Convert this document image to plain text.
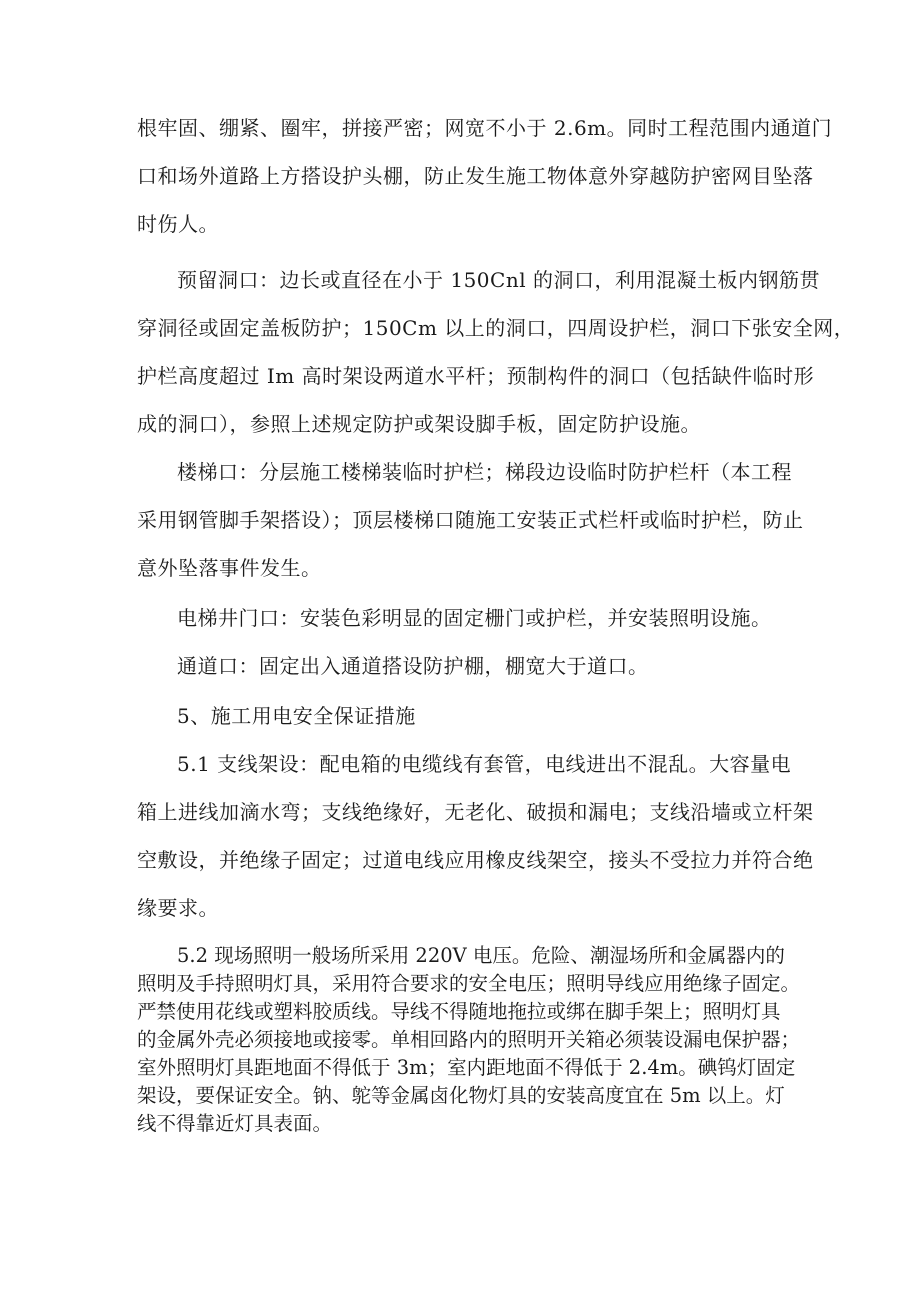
根牢固、绷紧、圈牢，拼接严密；网宽不小于 2.6m。同时工程范围内通道门
口和场外道路上方搭设护头棚，防止发生施工物体意外穿越防护密网目坠落
时伤人。
预留洞口：边长或直径在小于 150Cnl 的洞口，利用混凝土板内钢筋贯
穿洞径或固定盖板防护；150Cm 以上的洞口，四周设护栏，洞口下张安全网，
护栏高度超过 Im 高时架设两道水平杆；预制构件的洞口（包括缺件临时形
成的洞口），参照上述规定防护或架设脚手板，固定防护设施。
楼梯口：分层施工楼梯装临时护栏；梯段边设临时防护栏杆（本工程
采用钢管脚手架搭设）；顶层楼梯口随施工安装正式栏杆或临时护栏，防止
意外坠落事件发生。
电梯井门口：安装色彩明显的固定栅门或护栏，并安装照明设施。
通道口：固定出入通道搭设防护棚，棚宽大于道口。
5、施工用电安全保证措施
5.1 支线架设：配电箱的电缆线有套管，电线进出不混乱。大容量电
箱上进线加滴水弯；支线绝缘好，无老化、破损和漏电；支线沿墙或立杆架
空敷设，并绝缘子固定；过道电线应用橡皮线架空，接头不受拉力并符合绝
缘要求。
5.2 现场照明一般场所采用 220V 电压。危险、潮湿场所和金属器内的
照明及手持照明灯具，采用符合要求的安全电压；照明导线应用绝缘子固定。
严禁使用花线或塑料胶质线。导线不得随地拖拉或绑在脚手架上；照明灯具
的金属外壳必须接地或接零。单相回路内的照明开关箱必须装设漏电保护器；
室外照明灯具距地面不得低于 3m；室内距地面不得低于 2.4m。碘钨灯固定
架设，要保证安全。钠、鸵等金属卤化物灯具的安装高度宜在 5m 以上。灯
线不得靠近灯具表面。
